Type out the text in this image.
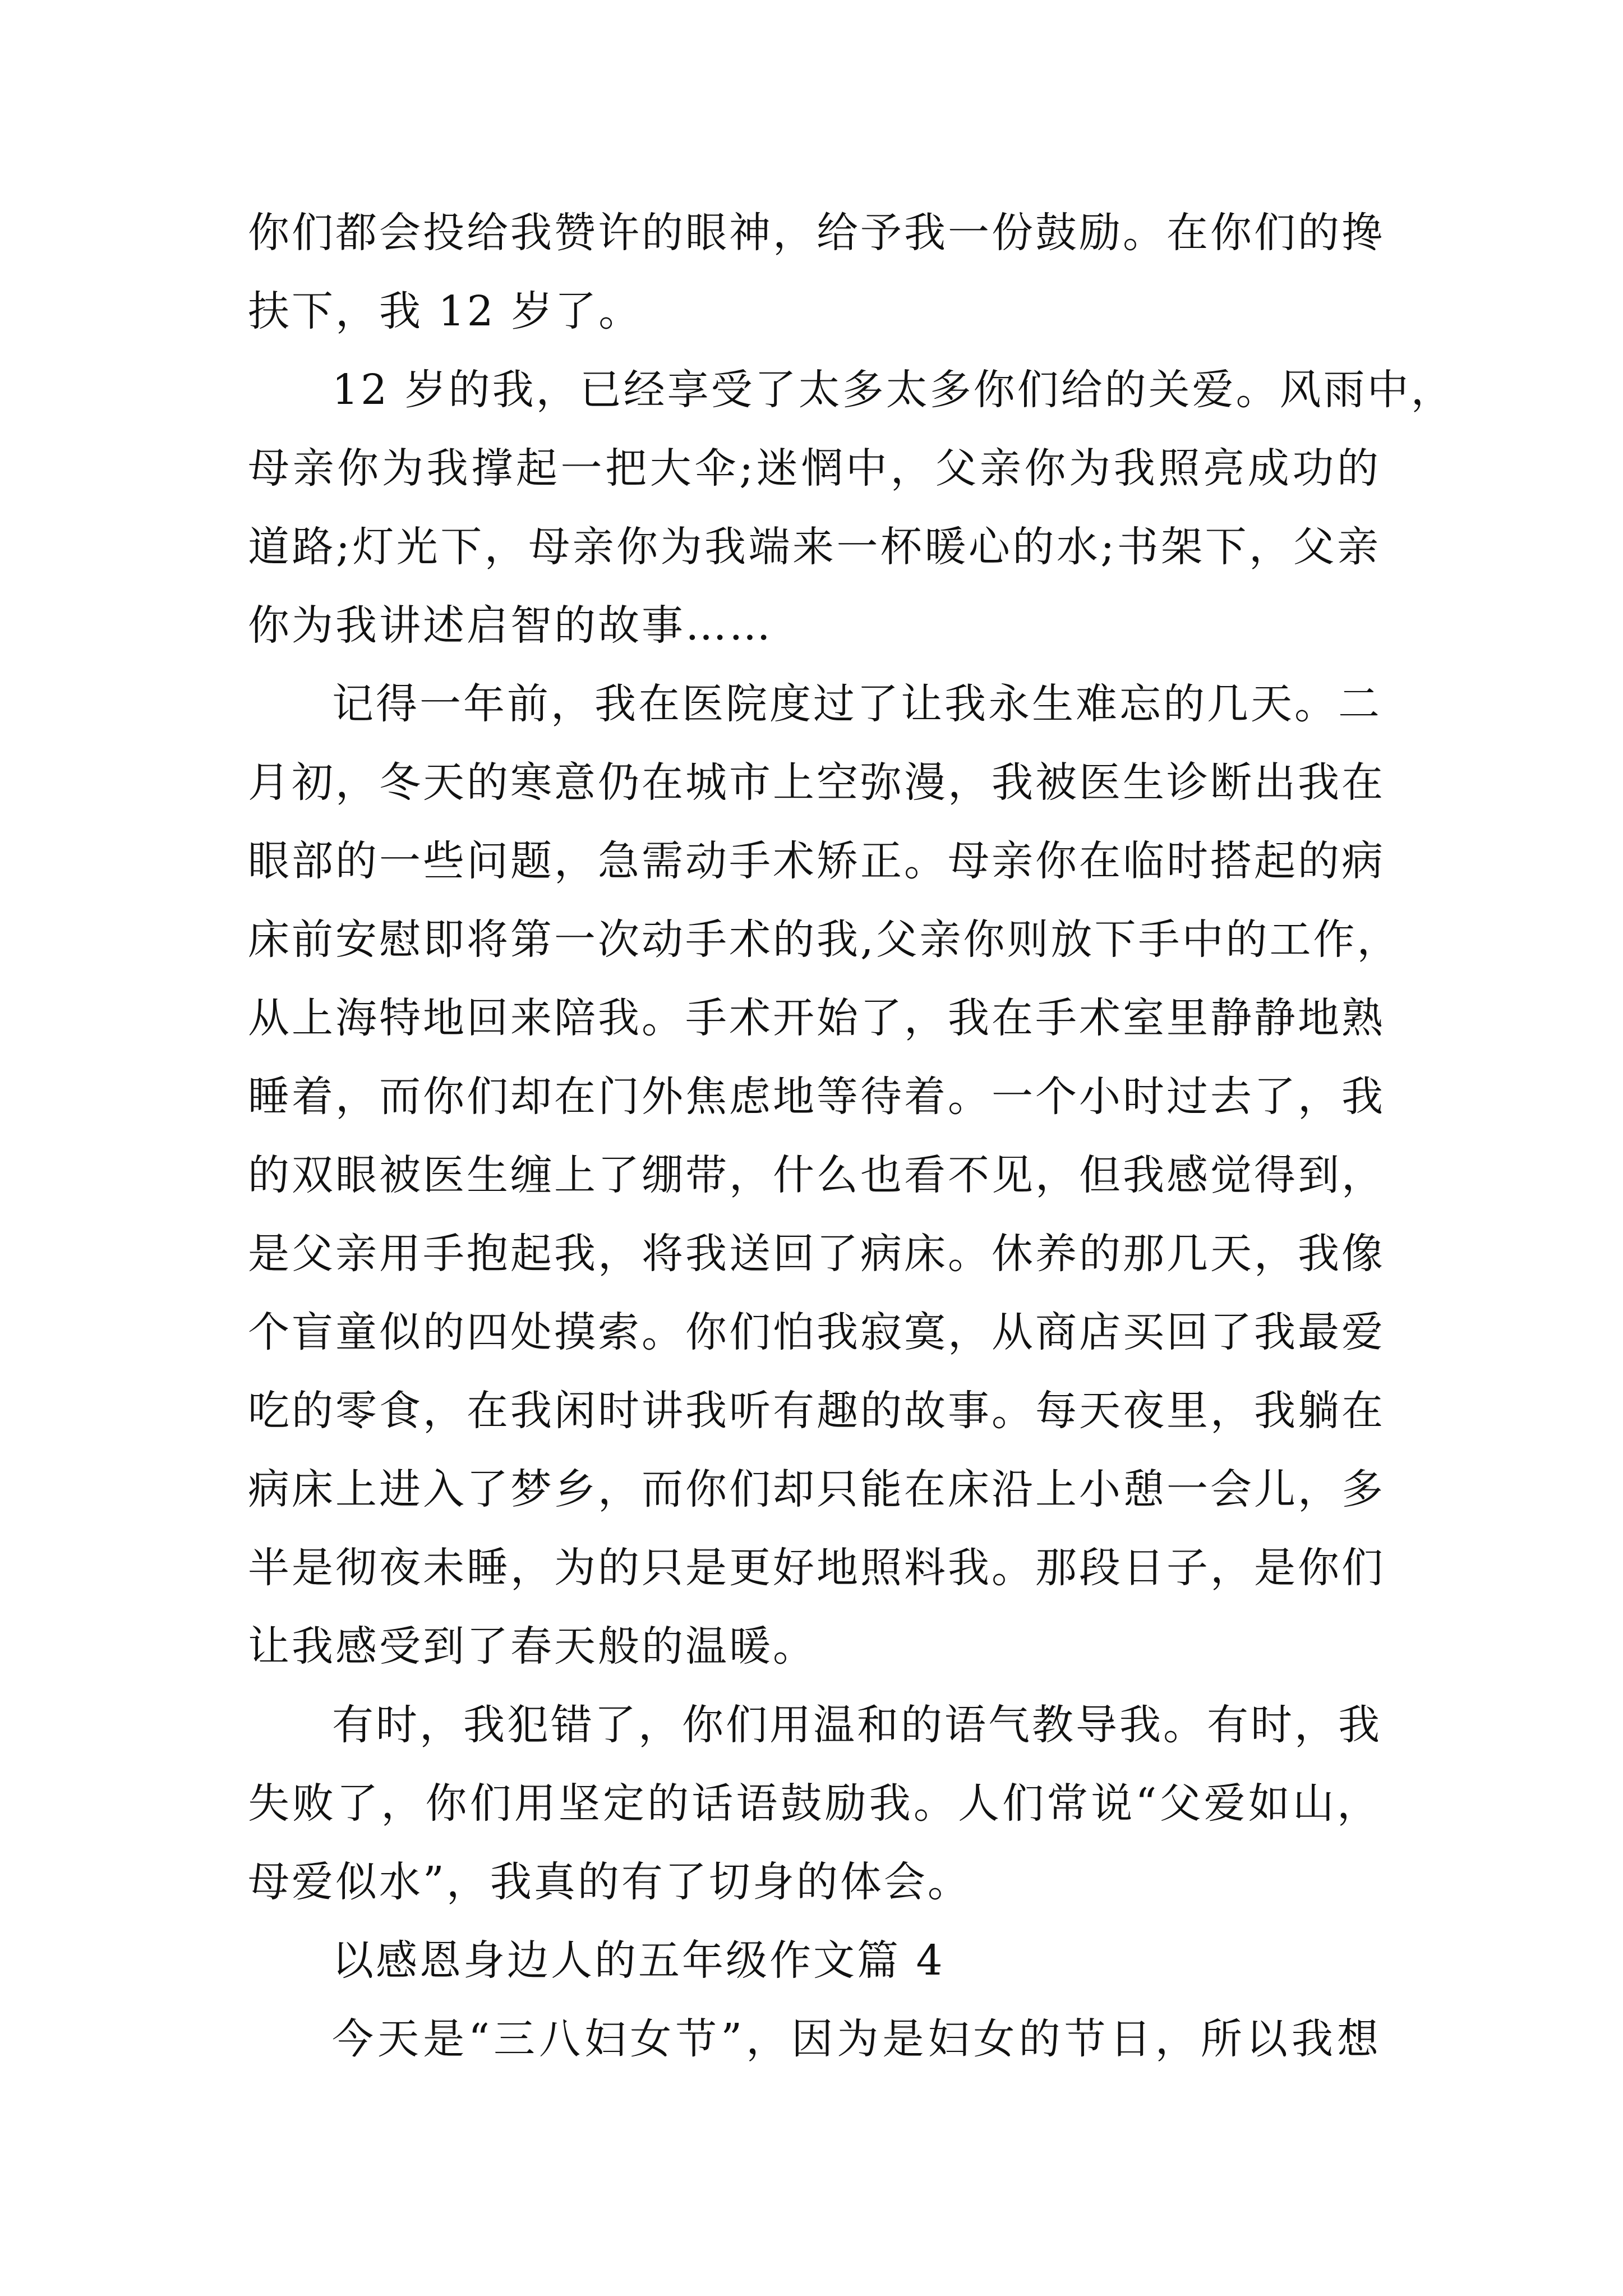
你们都会投给我赞许的眼神，给予我一份鼓励。在你们的搀
扶下，我 12 岁了。
12 岁的我，已经享受了太多太多你们给的关爱。风雨中，
母亲你为我撑起一把大伞;迷惘中，父亲你为我照亮成功的
道路;灯光下，母亲你为我端来一杯暖心的水;书架下，父亲
你为我讲述启智的故事……
记得一年前，我在医院度过了让我永生难忘的几天。二
月初，冬天的寒意仍在城市上空弥漫，我被医生诊断出我在
眼部的一些问题，急需动手术矫正。母亲你在临时搭起的病
床前安慰即将第一次动手术的我,父亲你则放下手中的工作，
从上海特地回来陪我。手术开始了，我在手术室里静静地熟
睡着，而你们却在门外焦虑地等待着。一个小时过去了，我
的双眼被医生缠上了绷带，什么也看不见，但我感觉得到，
是父亲用手抱起我，将我送回了病床。休养的那几天，我像
个盲童似的四处摸索。你们怕我寂寞，从商店买回了我最爱
吃的零食，在我闲时讲我听有趣的故事。每天夜里，我躺在
病床上进入了梦乡，而你们却只能在床沿上小憩一会儿，多
半是彻夜未睡，为的只是更好地照料我。那段日子，是你们
让我感受到了春天般的温暖。
有时，我犯错了，你们用温和的语气教导我。有时，我
失败了，你们用坚定的话语鼓励我。人们常说“父爱如山，
母爱似水”，我真的有了切身的体会。
以感恩身边人的五年级作文篇 4
今天是“三八妇女节”，因为是妇女的节日，所以我想
